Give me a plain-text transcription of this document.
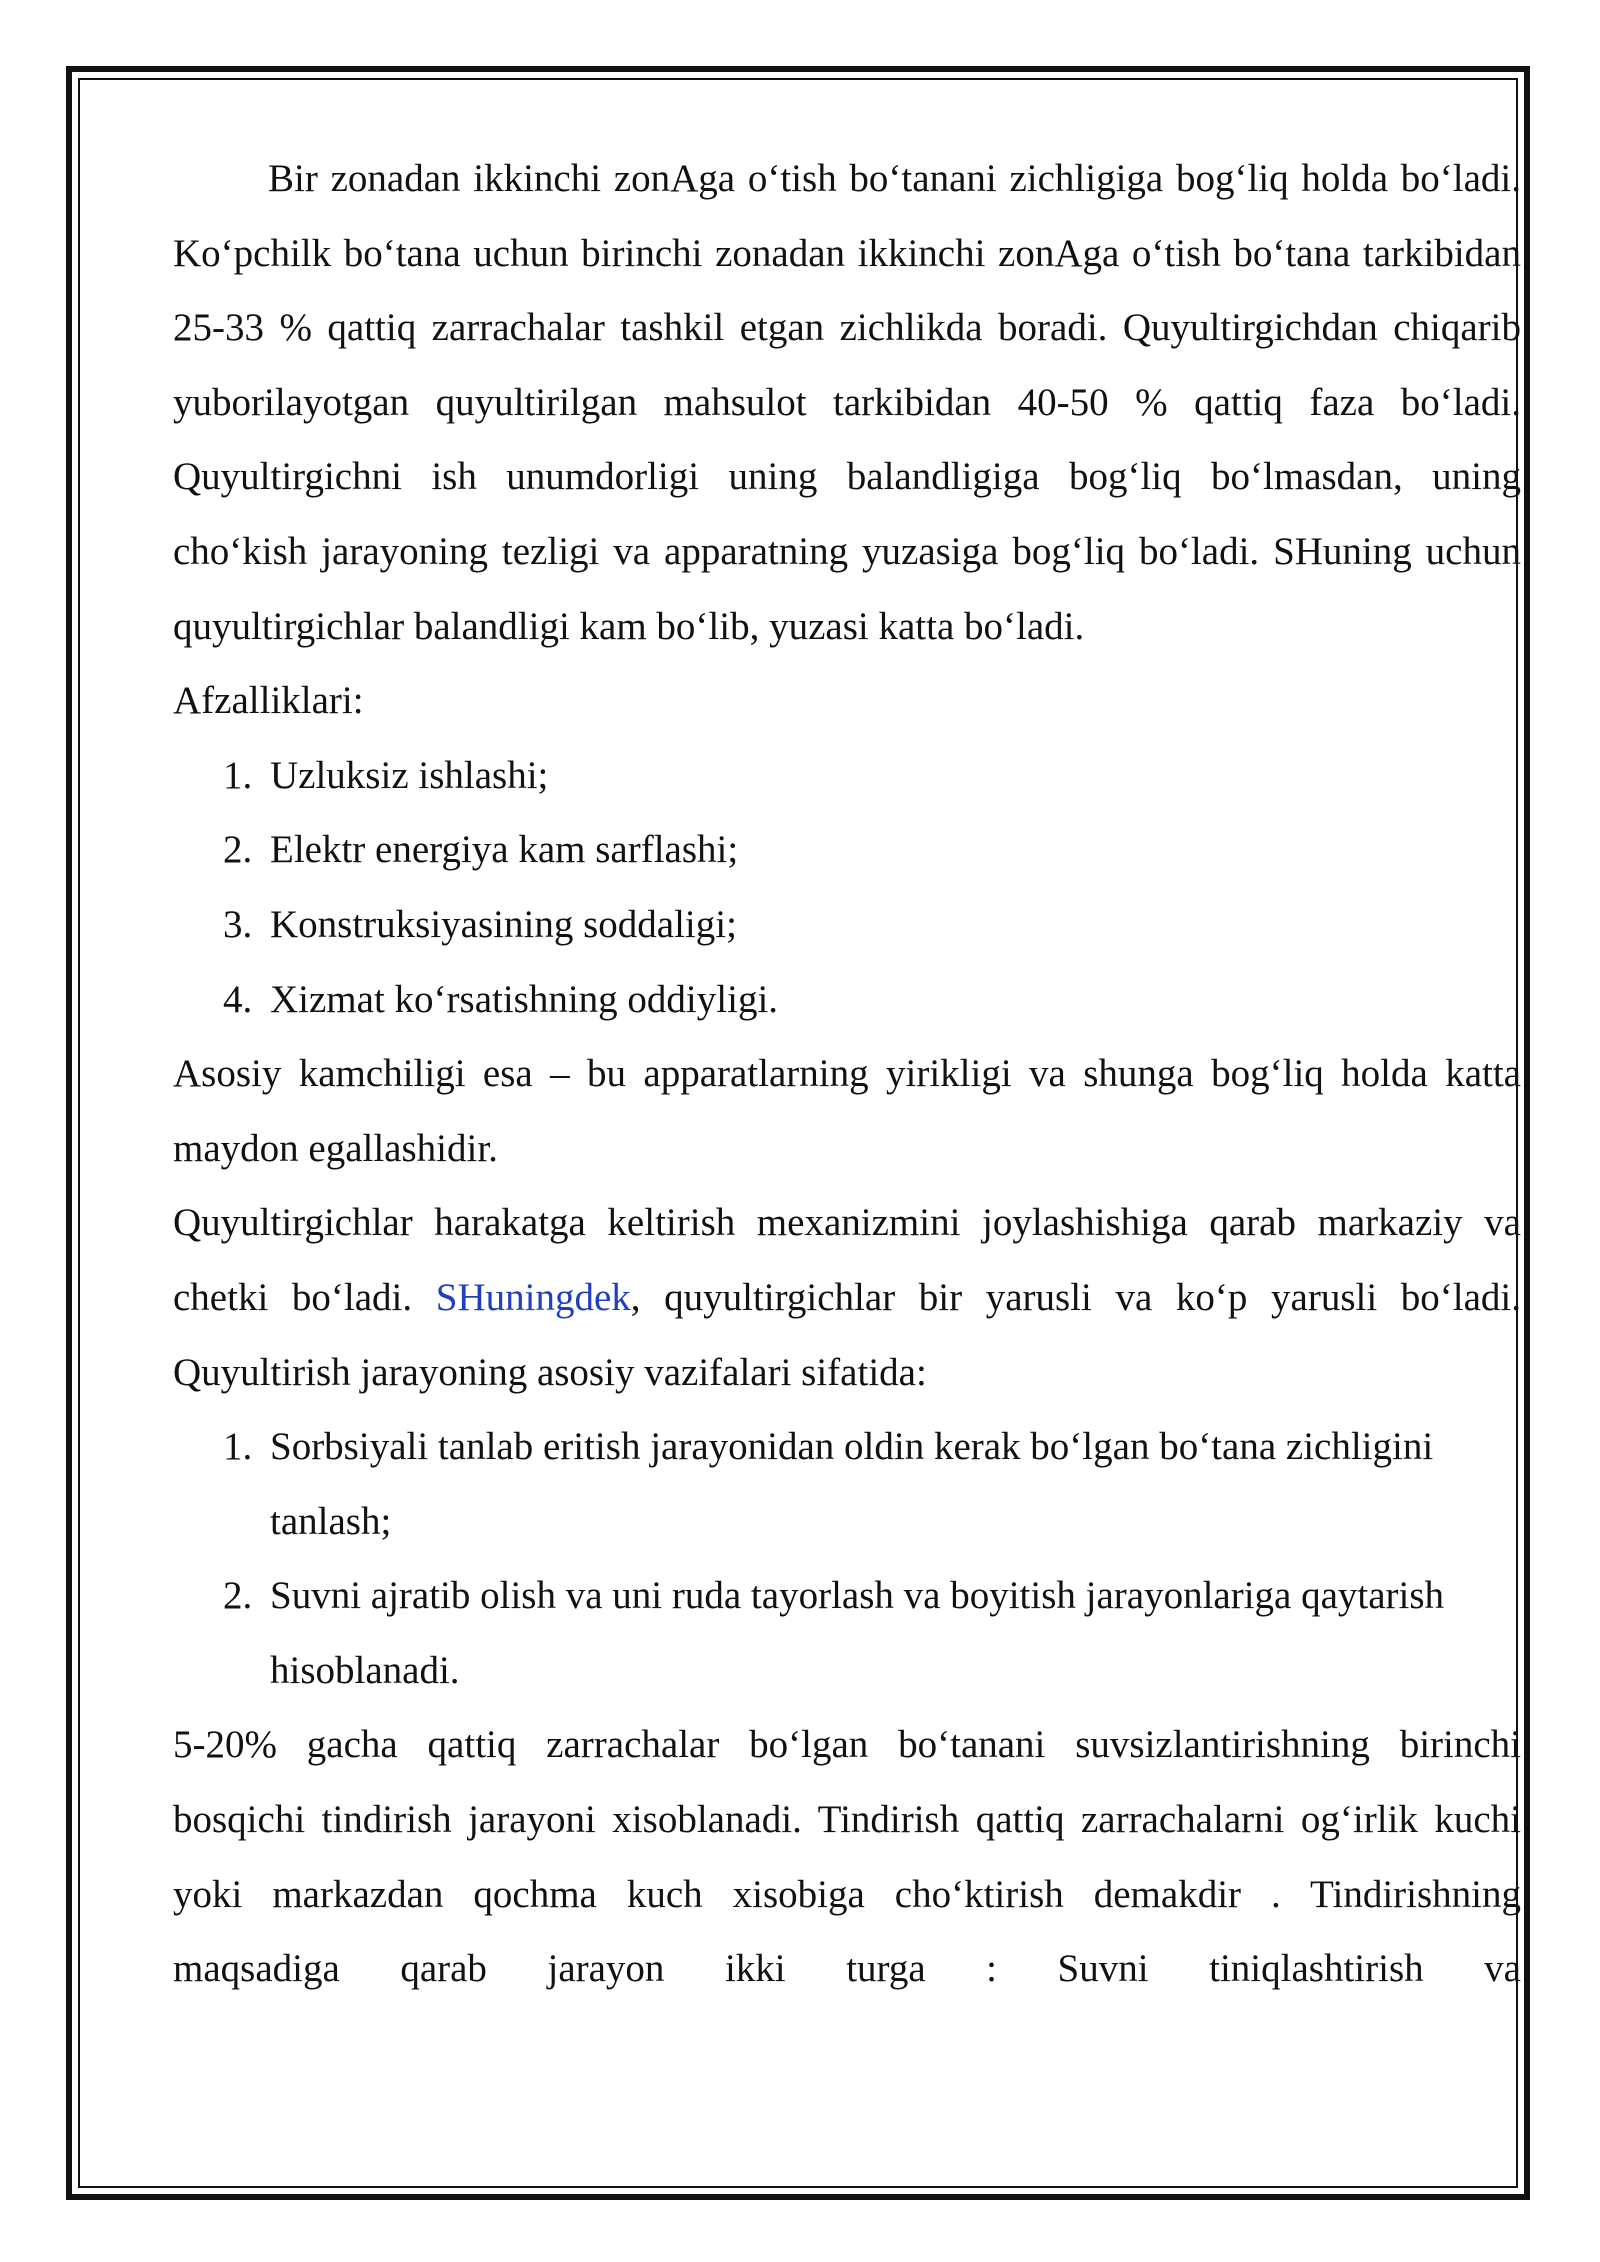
Bir zonadan ikkinchi zonAga o‘tish bo‘tanani zichligiga bog‘liq holda bo‘ladi. Ko‘pchilk bo‘tana uchun birinchi zonadan ikkinchi zonAga o‘tish bo‘tana tarkibidan 25-33 % qattiq zarrachalar tashkil etgan zichlikda boradi. Quyultirgichdan chiqarib yuborilayotgan quyultirilgan mahsulot tarkibidan 40-50 % qattiq faza bo‘ladi. Quyultirgichni ish unumdorligi uning balandligiga bog‘liq bo‘lmasdan, uning cho‘kish jarayoning tezligi va apparatning yuzasiga bog‘liq bo‘ladi. SHuning uchun quyultirgichlar balandligi kam bo‘lib, yuzasi katta bo‘ladi.

Afzalliklari:

1. Uzluksiz ishlashi;
2. Elektr energiya kam sarflashi;
3. Konstruksiyasining soddaligi;
4. Xizmat ko‘rsatishning oddiyligi.

Asosiy kamchiligi esa – bu apparatlarning yirikligi va shunga bog‘liq holda katta maydon egallashidir.

Quyultirgichlar harakatga keltirish mexanizmini joylashishiga qarab markaziy va chetki bo‘ladi. SHuningdek, quyultirgichlar bir yarusli va ko‘p yarusli bo‘ladi. Quyultirish jarayoning asosiy vazifalari sifatida:

1. Sorbsiyali tanlab eritish jarayonidan oldin kerak bo‘lgan bo‘tana zichligini tanlash;
2. Suvni ajratib olish va uni ruda tayorlash va boyitish jarayonlariga qaytarish hisoblanadi.

5-20% gacha qattiq zarrachalar bo‘lgan bo‘tanani suvsizlantirishning birinchi bosqichi tindirish jarayoni xisoblanadi. Tindirish qattiq zarrachalarni og‘irlik kuchi yoki markazdan qochma kuch xisobiga cho‘ktirish demakdir . Tindirishning maqsadiga qarab jarayon ikki turga : Suvni tiniqlashtirish va
